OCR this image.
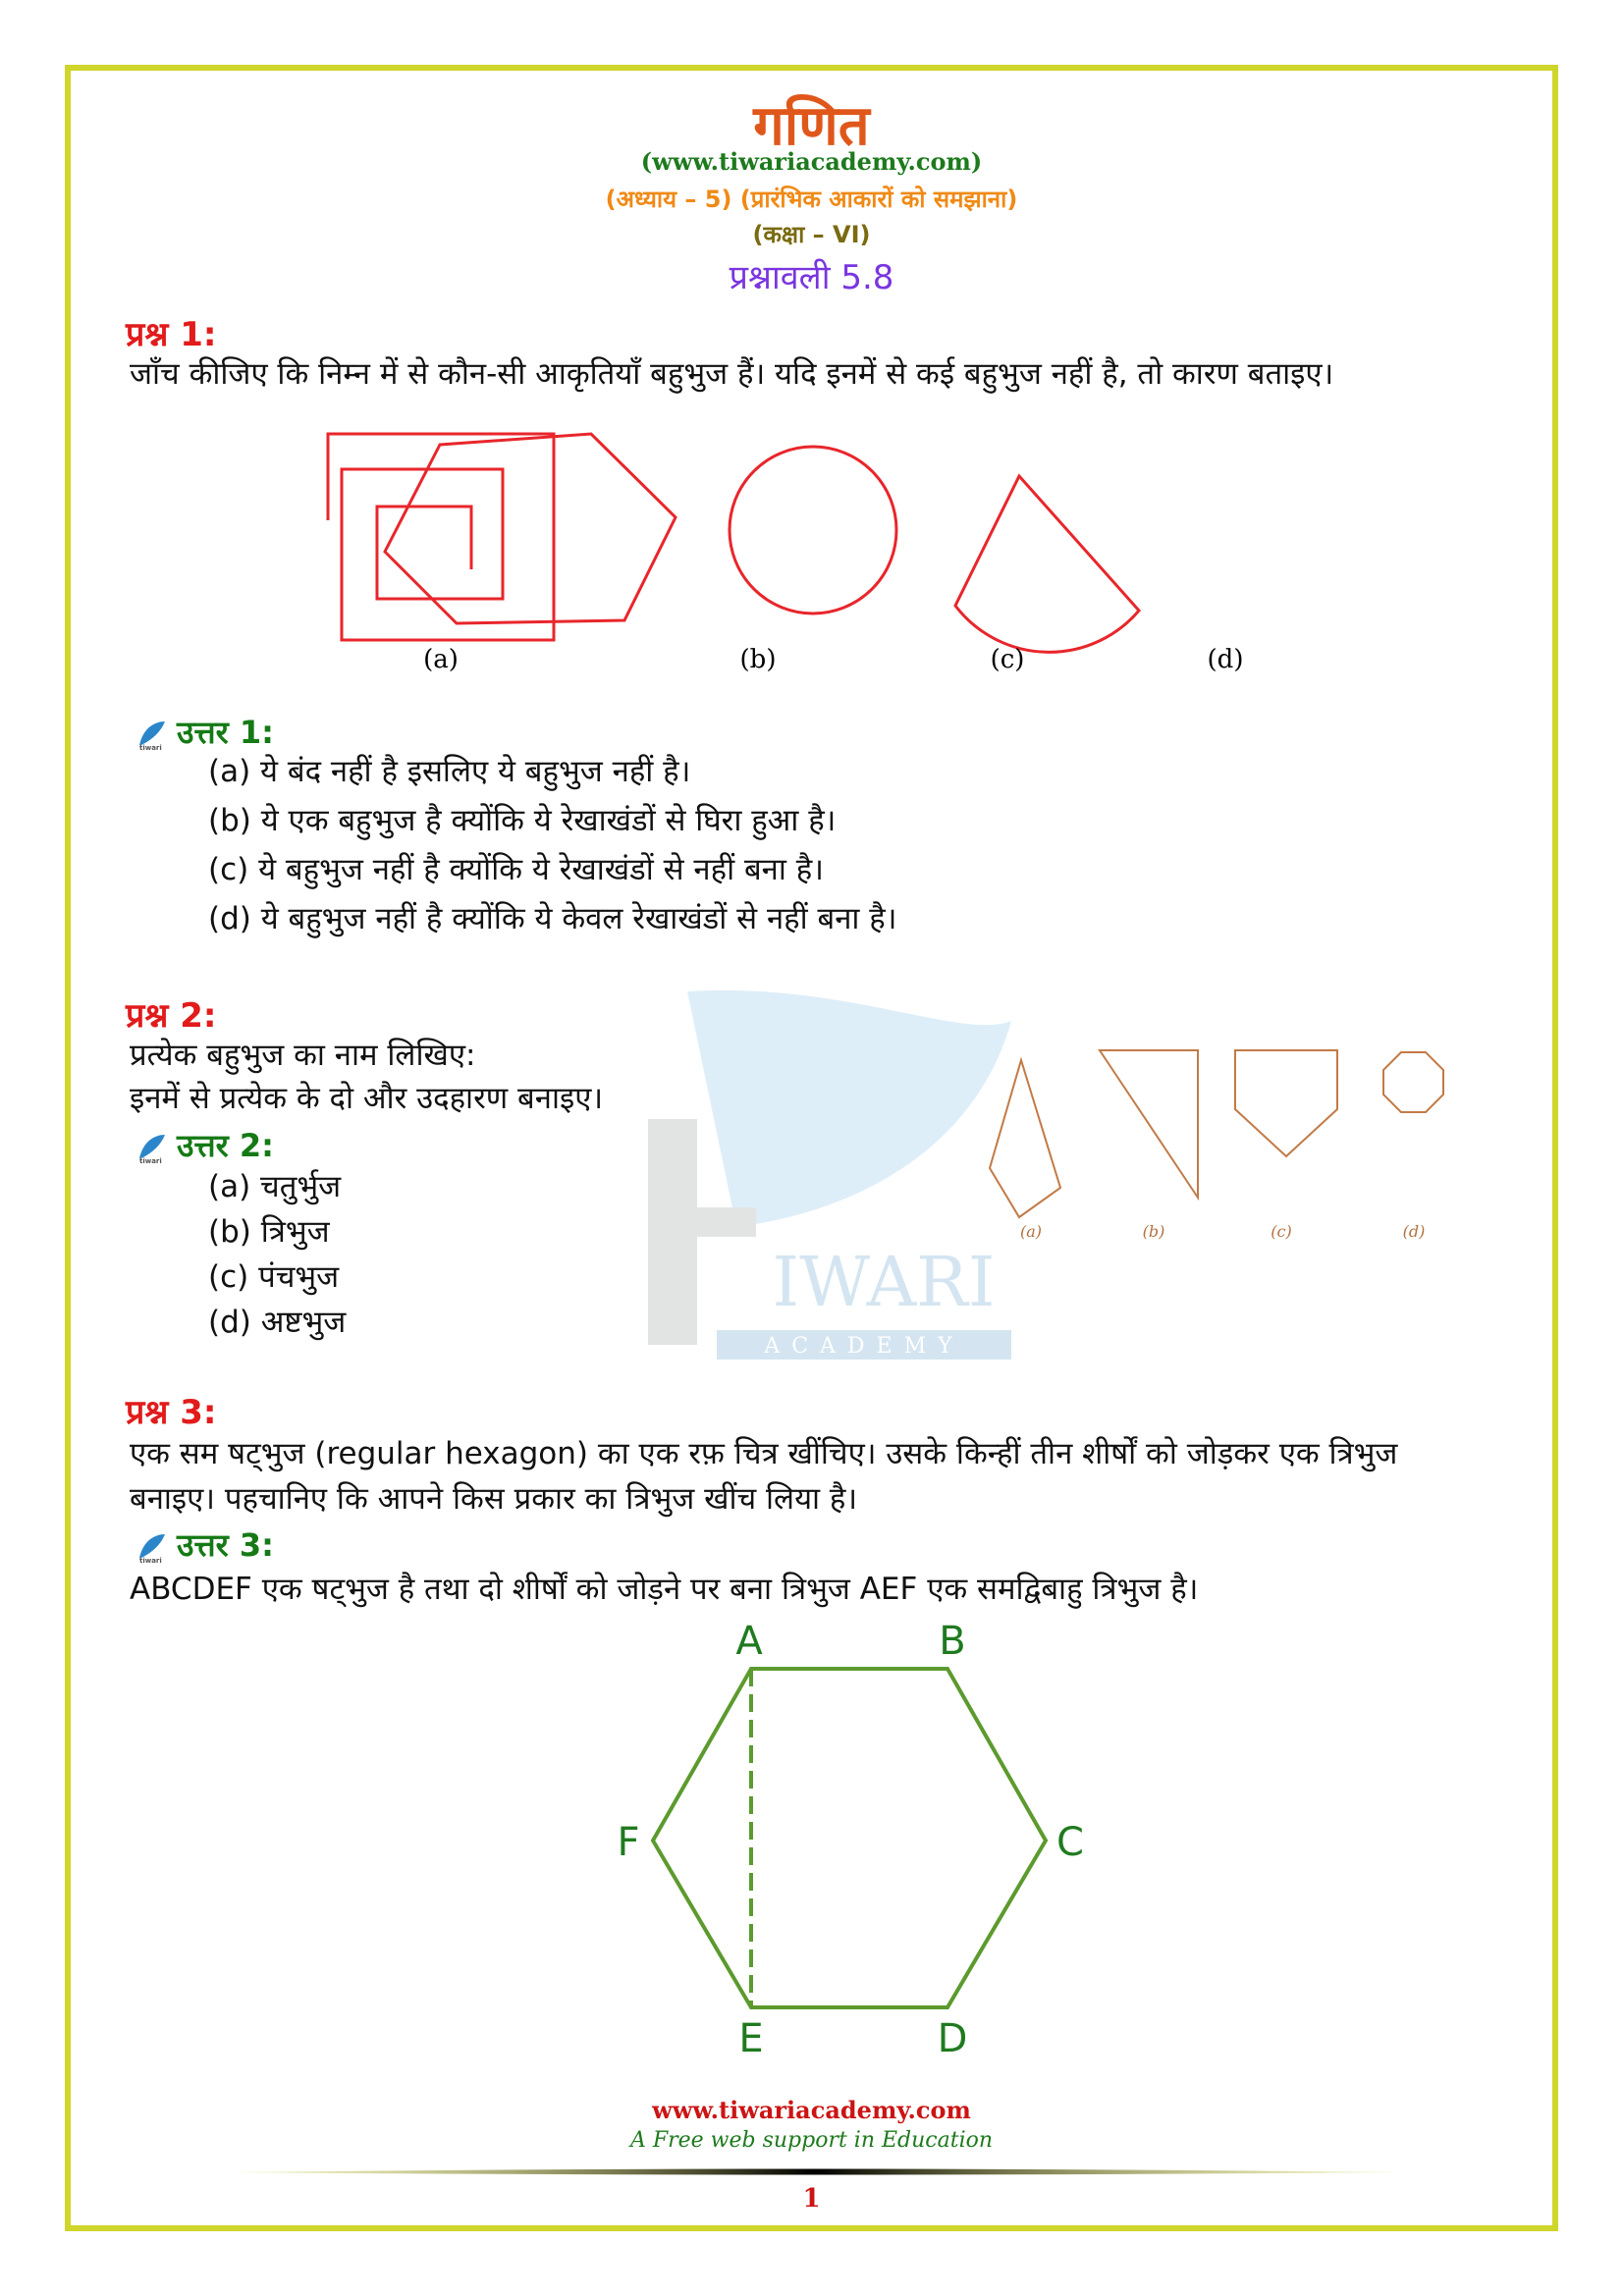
IWARI
ACADEMY
गणित
(www.tiwariacademy.com)
(अध्याय – 5) (प्रारंभिक आकारों को समझाना)
(कक्षा – VI)
प्रश्नावली 5.8
प्रश्न 1:
जाँच कीजिए कि निम्न में से कौन-सी आकृतियाँ बहुभुज हैं। यदि इनमें से कई बहुभुज नहीं है, तो कारण बताइए।
(a)	(b)	(c)	(d)
tiwari उत्तर 1:
(a) ये बंद नहीं है इसलिए ये बहुभुज नहीं है।
(b) ये एक बहुभुज है क्योंकि ये रेखाखंडों से घिरा हुआ है।
(c) ये बहुभुज नहीं है क्योंकि ये रेखाखंडों से नहीं बना है।
(d) ये बहुभुज नहीं है क्योंकि ये केवल रेखाखंडों से नहीं बना है।
प्रश्न 2:
प्रत्येक बहुभुज का नाम लिखिए:
इनमें से प्रत्येक के दो और उदहारण बनाइए।
tiwari उत्तर 2:
(a) चतुर्भुज
(b) त्रिभुज
(c) पंचभुज
(d) अष्टभुज
(a)	(b)	(c)	(d)
प्रश्न 3:
एक सम षट्भुज (regular hexagon) का एक रफ़ चित्र खींचिए। उसके किन्हीं तीन शीर्षों को जोड़कर एक त्रिभुज
बनाइए। पहचानिए कि आपने किस प्रकार का त्रिभुज खींच लिया है।
tiwari उत्तर 3:
ABCDEF एक षट्भुज है तथा दो शीर्षों को जोड़ने पर बना त्रिभुज AEF एक समद्विबाहु त्रिभुज है।
A	B
C
D
E
F
www.tiwariacademy.com
A Free web support in Education
1
